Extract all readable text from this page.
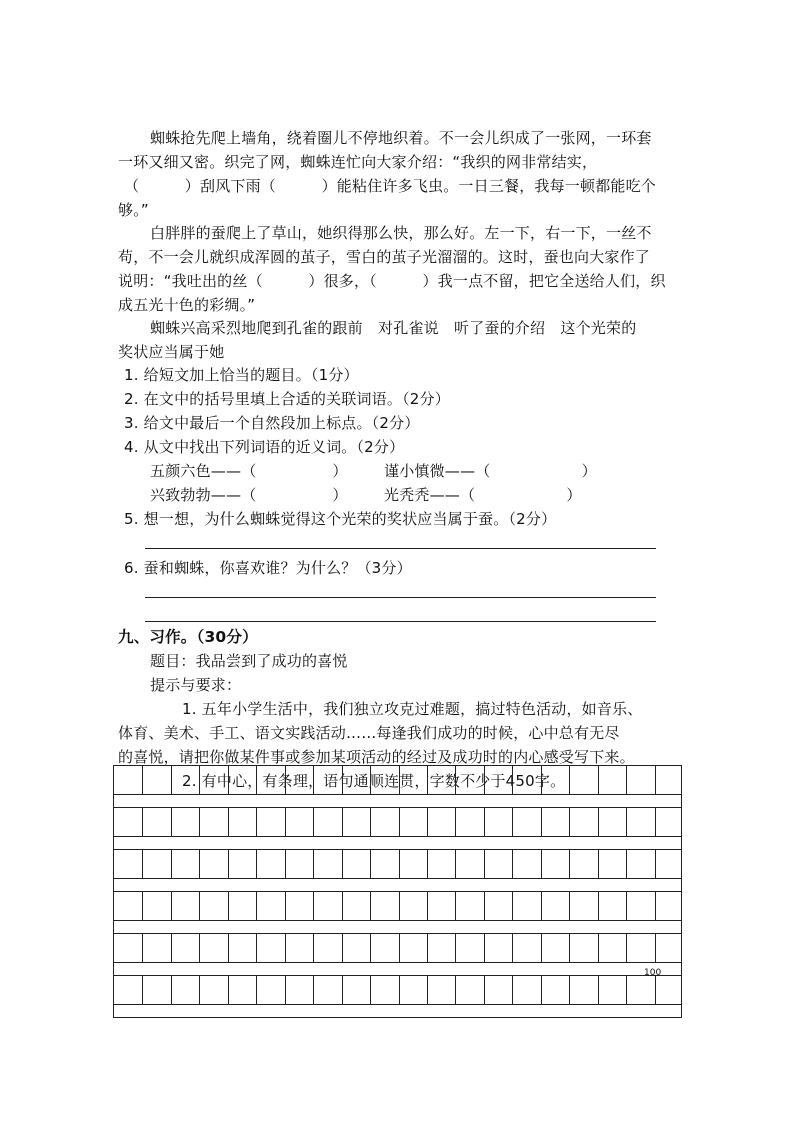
蜘蛛抢先爬上墙角，绕着圈儿不停地织着。不一会儿织成了一张网，一环套
一环又细又密。织完了网，蜘蛛连忙向大家介绍：“我织的网非常结实，
（　　　）刮风下雨（　　　）能粘住许多飞虫。一日三餐，我每一顿都能吃个
够。”
白胖胖的蚕爬上了草山，她织得那么快，那么好。左一下，右一下，一丝不
苟，不一会儿就织成浑圆的茧子，雪白的茧子光溜溜的。这时，蚕也向大家作了
说明：“我吐出的丝（　　　）很多，（　　　）我一点不留，把它全送给人们，织
成五光十色的彩绸。”
蜘蛛兴高采烈地爬到孔雀的跟前　对孔雀说　听了蚕的介绍　这个光荣的
奖状应当属于她
1. 给短文加上恰当的题目。（1分）
2. 在文中的括号里填上合适的关联词语。（2分）
3. 给文中最后一个自然段加上标点。（2分）
4. 从文中找出下列词语的近义词。（2分）
五颜六色——（　　　　　） 谨小慎微——（　　　　　　）
兴致勃勃——（　　　　　） 光秃秃——（　　　　　　）
5. 想一想，为什么蜘蛛觉得这个光荣的奖状应当属于蚕。（2分）
6. 蚕和蜘蛛，你喜欢谁？为什么？（3分）
九、习作。（30分）
题目：我品尝到了成功的喜悦
提示与要求：
1. 五年小学生活中，我们独立攻克过难题，搞过特色活动，如音乐、
体育、美术、手工、语文实践活动……每逢我们成功的时候，心中总有无尽
的喜悦，请把你做某件事或参加某项活动的经过及成功时的内心感受写下来。
2. 有中心，有条理，语句通顺连贯，字数不少于450字。
100
